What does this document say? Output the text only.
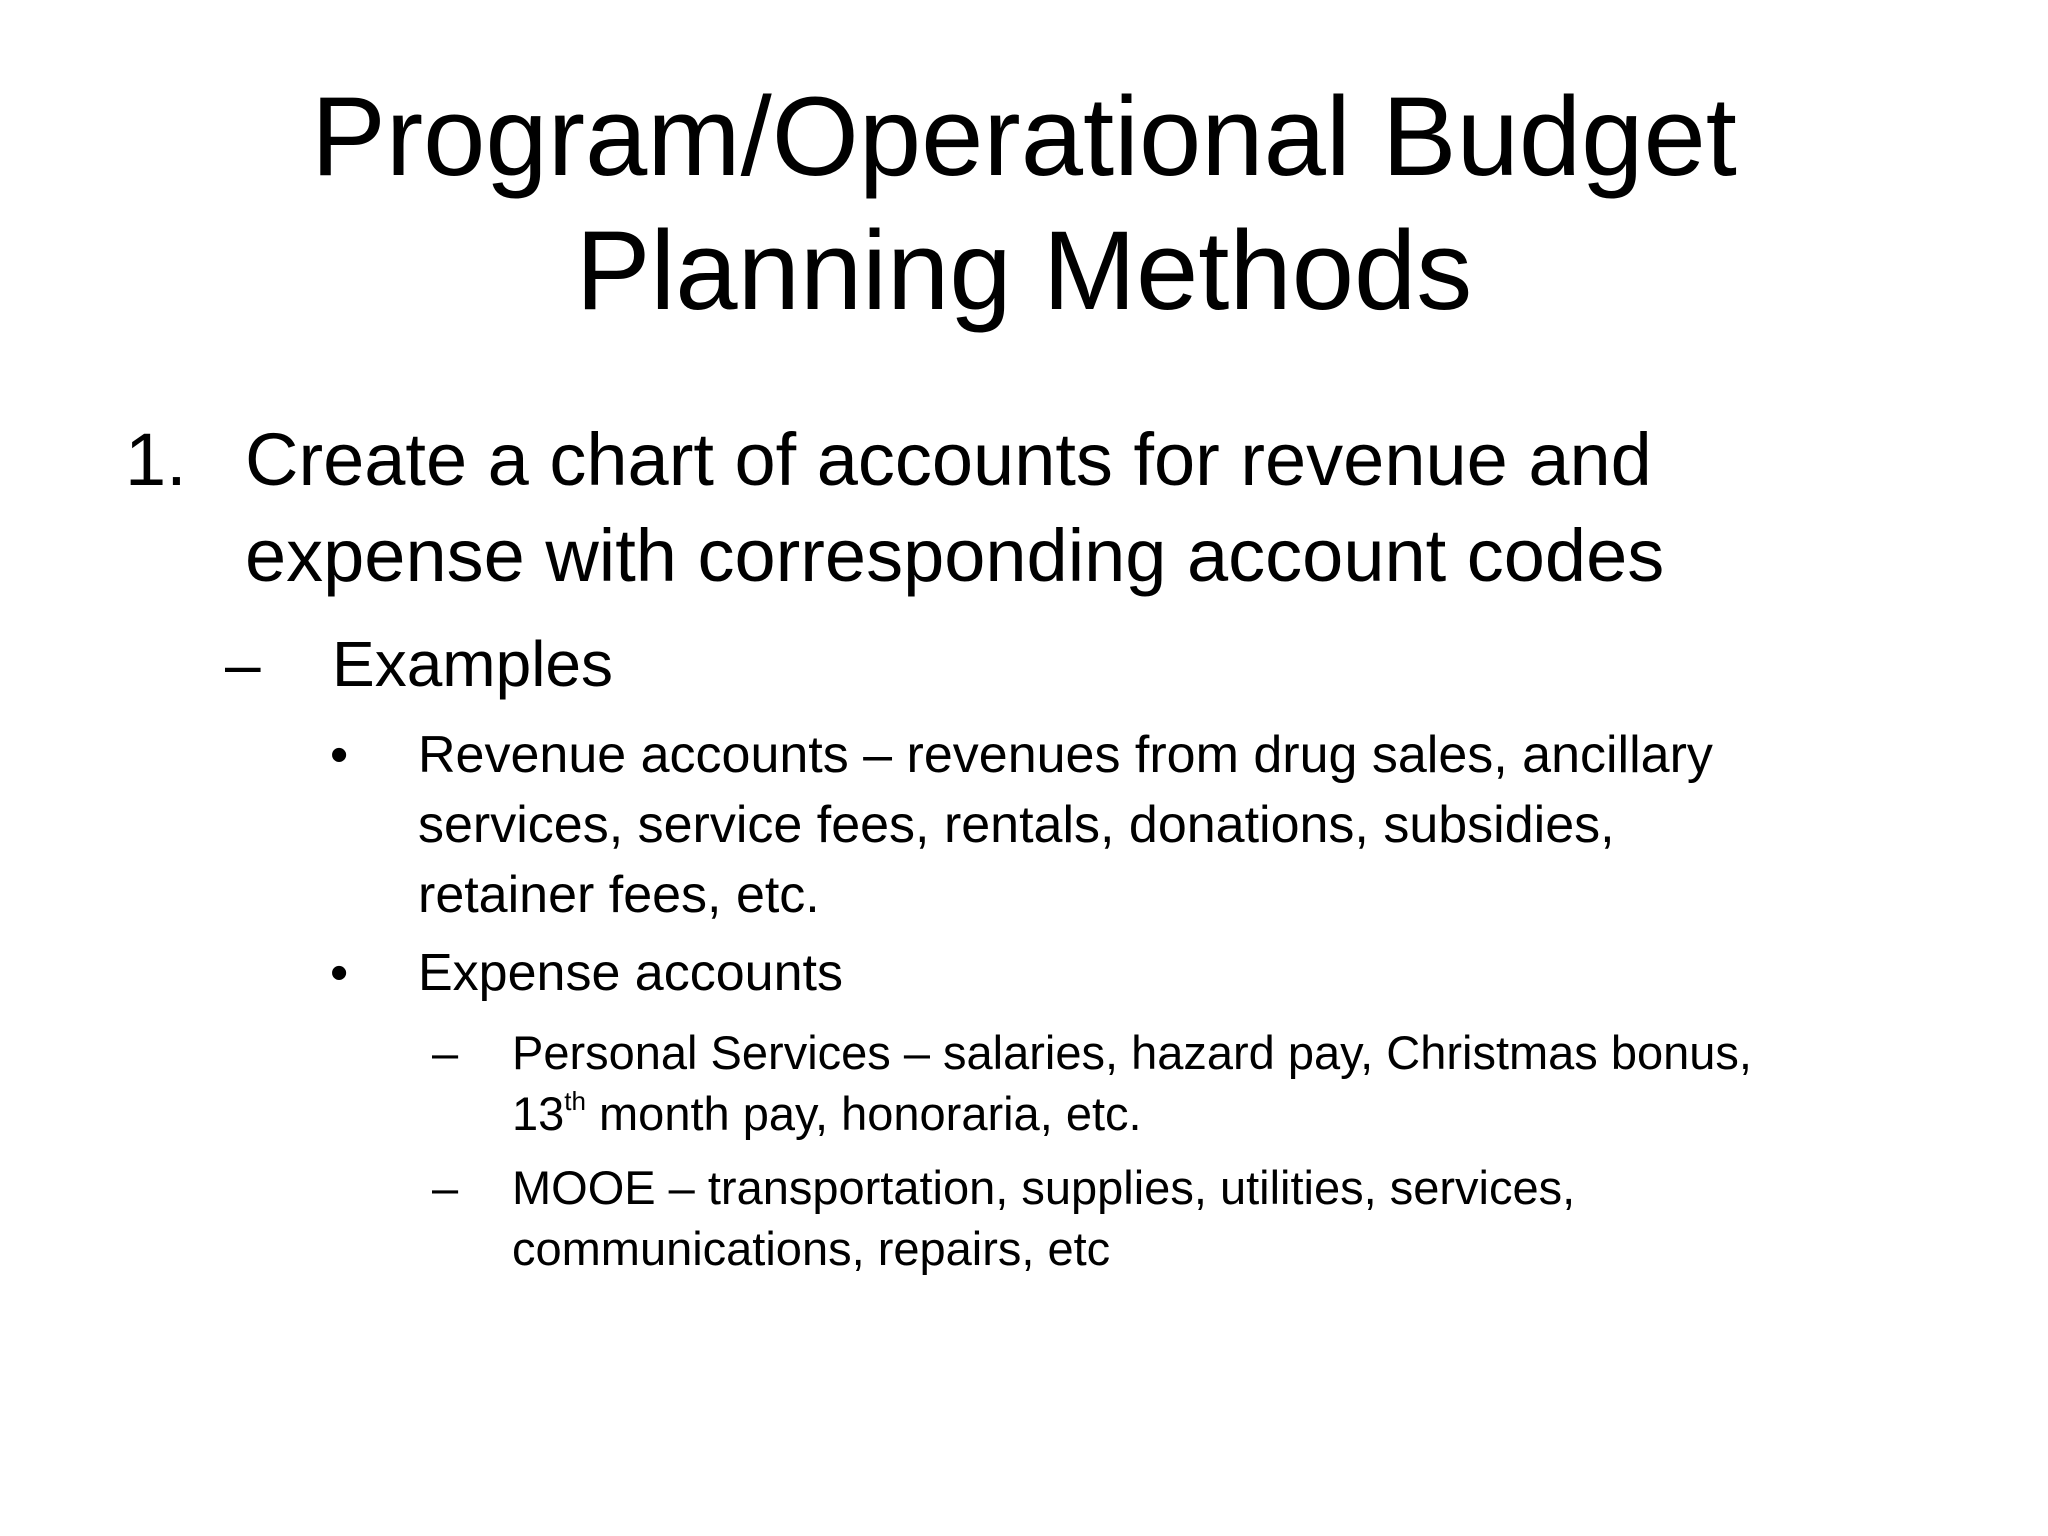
Program/Operational Budget
Planning Methods
1. Create a chart of accounts for revenue and
expense with corresponding account codes
– Examples
• Revenue accounts – revenues from drug sales, ancillary
services, service fees, rentals, donations, subsidies,
retainer fees, etc.
• Expense accounts
– Personal Services – salaries, hazard pay, Christmas bonus,
13th month pay, honoraria, etc.
– MOOE – transportation, supplies, utilities, services,
communications, repairs, etc
